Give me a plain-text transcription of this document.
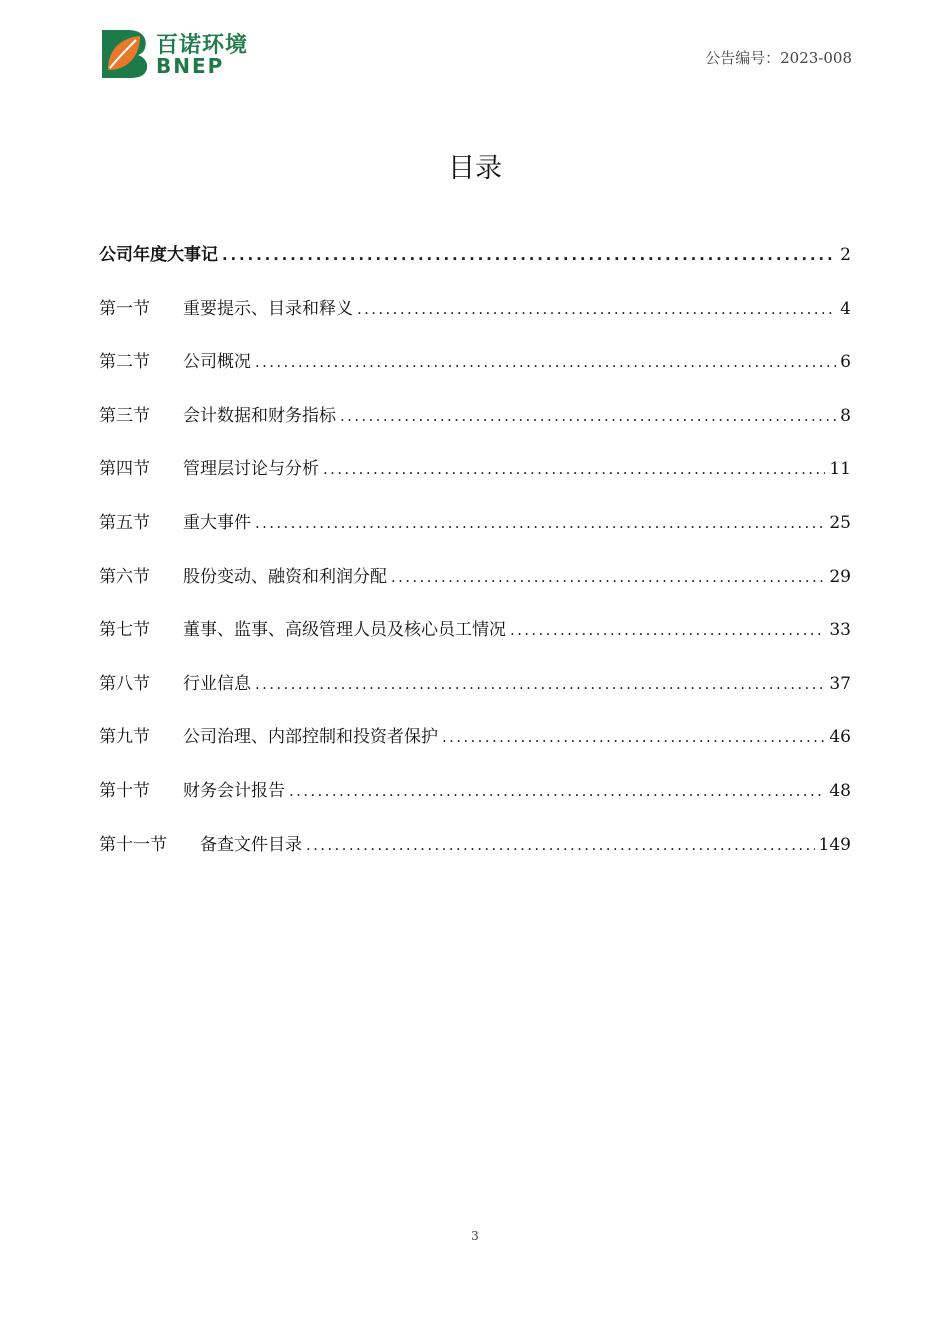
百诺环境
BNEP	公告编号：2023-008
目录
公司年度大事记 . . .	2
第一节	重要提示、目录和释义 . . .	4
第二节	公司概况 . . .	6
第三节	会计数据和财务指标 . . .	8
第四节	管理层讨论与分析 . . .	11
第五节	重大事件 . . .	25
第六节	股份变动、融资和利润分配 . . .	29
第七节	董事、监事、高级管理人员及核心员工情况 . . .	33
第八节	行业信息 . . .	37
第九节	公司治理、内部控制和投资者保护 . . .	46
第十节	财务会计报告 . . .	48
第十一节	备查文件目录 . . .	149
3
